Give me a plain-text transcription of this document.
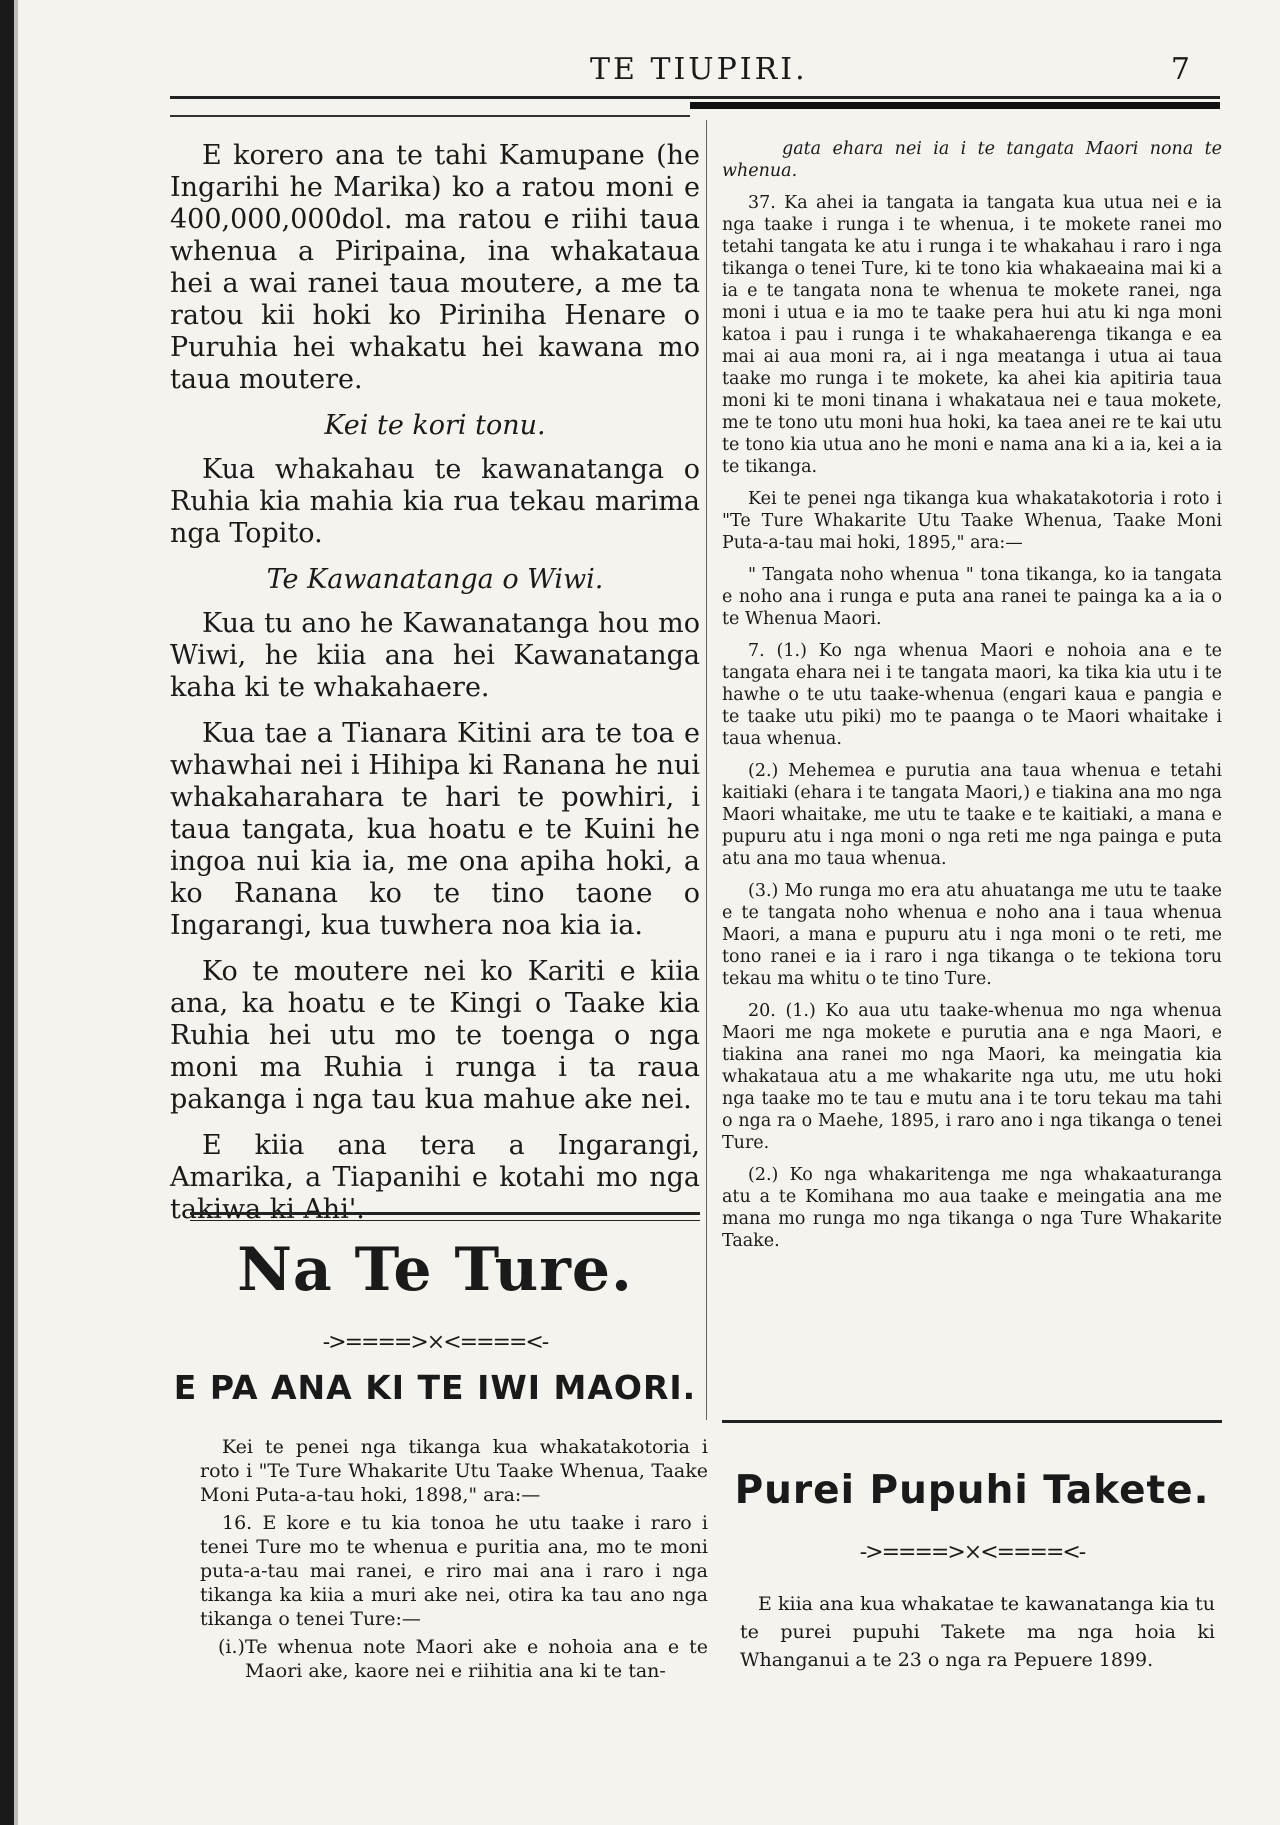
TE TIUPIRI.	7

E korero ana te tahi Kamupane (he Ingarihi he Marika) ko a ratou moni e 400,000,000dol. ma ratou e riihi taua whenua a Piripaina, ina whakataua hei a wai ranei taua moutere, a me ta ratou kii hoki ko Piriniha Henare o Puruhia hei whakatu hei kawana mo taua moutere.

Kei te kori tonu.

Kua whakahau te kawanatanga o Ruhia kia mahia kia rua tekau marima nga Topito.

Te Kawanatanga o Wiwi.

Kua tu ano he Kawanatanga hou mo Wiwi, he kiia ana hei Kawanatanga kaha ki te whakahaere.

Kua tae a Tianara Kitini ara te toa e whawhai nei i Hihipa ki Ranana he nui whakaharahara te hari te powhiri, i taua tangata, kua hoatu e te Kuini he ingoa nui kia ia, me ona apiha hoki, a ko Ranana ko te tino taone o Ingarangi, kua tuwhera noa kia ia.

Ko te moutere nei ko Kariti e kiia ana, ka hoatu e te Kingi o Taake kia Ruhia hei utu mo te toenga o nga moni ma Ruhia i runga i ta raua pakanga i nga tau kua mahue ake nei.

E kiia ana tera a Ingarangi, Amarika, a Tiapanihi e kotahi mo nga takiwa ki Ahi'.

Na Te Ture.
->====>×<====<-
E PA ANA KI TE IWI MAORI.

Kei te penei nga tikanga kua whakatakotoria i roto i "Te Ture Whakarite Utu Taake Whenua, Taake Moni Puta-a-tau hoki, 1898," ara:—

16. E kore e tu kia tonoa he utu taake i raro i tenei Ture mo te whenua e puritia ana, mo te moni puta-a-tau mai ranei, e riro mai ana i raro i nga tikanga ka kiia a muri ake nei, otira ka tau ano nga tikanga o tenei Ture:—

(i.) Te whenua note Maori ake e nohoia ana e te Maori ake, kaore nei e riihitia ana ki te tan-

gata ehara nei ia i te tangata Maori nona te whenua.

37. Ka ahei ia tangata ia tangata kua utua nei e ia nga taake i runga i te whenua, i te mokete ranei mo tetahi tangata ke atu i runga i te whakahau i raro i nga tikanga o tenei Ture, ki te tono kia whakaeaina mai ki a ia e te tangata nona te whenua te mokete ranei, nga moni i utua e ia mo te taake pera hui atu ki nga moni katoa i pau i runga i te whakahaerenga tikanga e ea mai ai aua moni ra, ai i nga meatanga i utua ai taua taake mo runga i te mokete, ka ahei kia apitiria taua moni ki te moni tinana i whakataua nei e taua mokete, me te tono utu moni hua hoki, ka taea anei re te kai utu te tono kia utua ano he moni e nama ana ki a ia, kei a ia te tikanga.

Kei te penei nga tikanga kua whakatakotoria i roto i "Te Ture Whakarite Utu Taake Whenua, Taake Moni Puta-a-tau mai hoki, 1895," ara:—

" Tangata noho whenua " tona tikanga, ko ia tangata e noho ana i runga e puta ana ranei te painga ka a ia o te Whenua Maori.

7. (1.) Ko nga whenua Maori e nohoia ana e te tangata ehara nei i te tangata maori, ka tika kia utu i te hawhe o te utu taake-whenua (engari kaua e pangia e te taake utu piki) mo te paanga o te Maori whaitake i taua whenua.

(2.) Mehemea e purutia ana taua whenua e tetahi kaitiaki (ehara i te tangata Maori,) e tiakina ana mo nga Maori whaitake, me utu te taake e te kaitiaki, a mana e pupuru atu i nga moni o nga reti me nga painga e puta atu ana mo taua whenua.

(3.) Mo runga mo era atu ahuatanga me utu te taake e te tangata noho whenua e noho ana i taua whenua Maori, a mana e pupuru atu i nga moni o te reti, me tono ranei e ia i raro i nga tikanga o te tekiona toru tekau ma whitu o te tino Ture.

20. (1.) Ko aua utu taake-whenua mo nga whenua Maori me nga mokete e purutia ana e nga Maori, e tiakina ana ranei mo nga Maori, ka meingatia kia whakataua atu a me whakarite nga utu, me utu hoki nga taake mo te tau e mutu ana i te toru tekau ma tahi o nga ra o Maehe, 1895, i raro ano i nga tikanga o tenei Ture.

(2.) Ko nga whakaritenga me nga whakaaturanga atu a te Komihana mo aua taake e meingatia ana me mana mo runga mo nga tikanga o nga Ture Whakarite Taake.

Purei Pupuhi Takete.
->====>×<====<-

E kiia ana kua whakatae te kawanatanga kia tu te purei pupuhi Takete ma nga hoia ki Whanganui a te 23 o nga ra Pepuere 1899.
